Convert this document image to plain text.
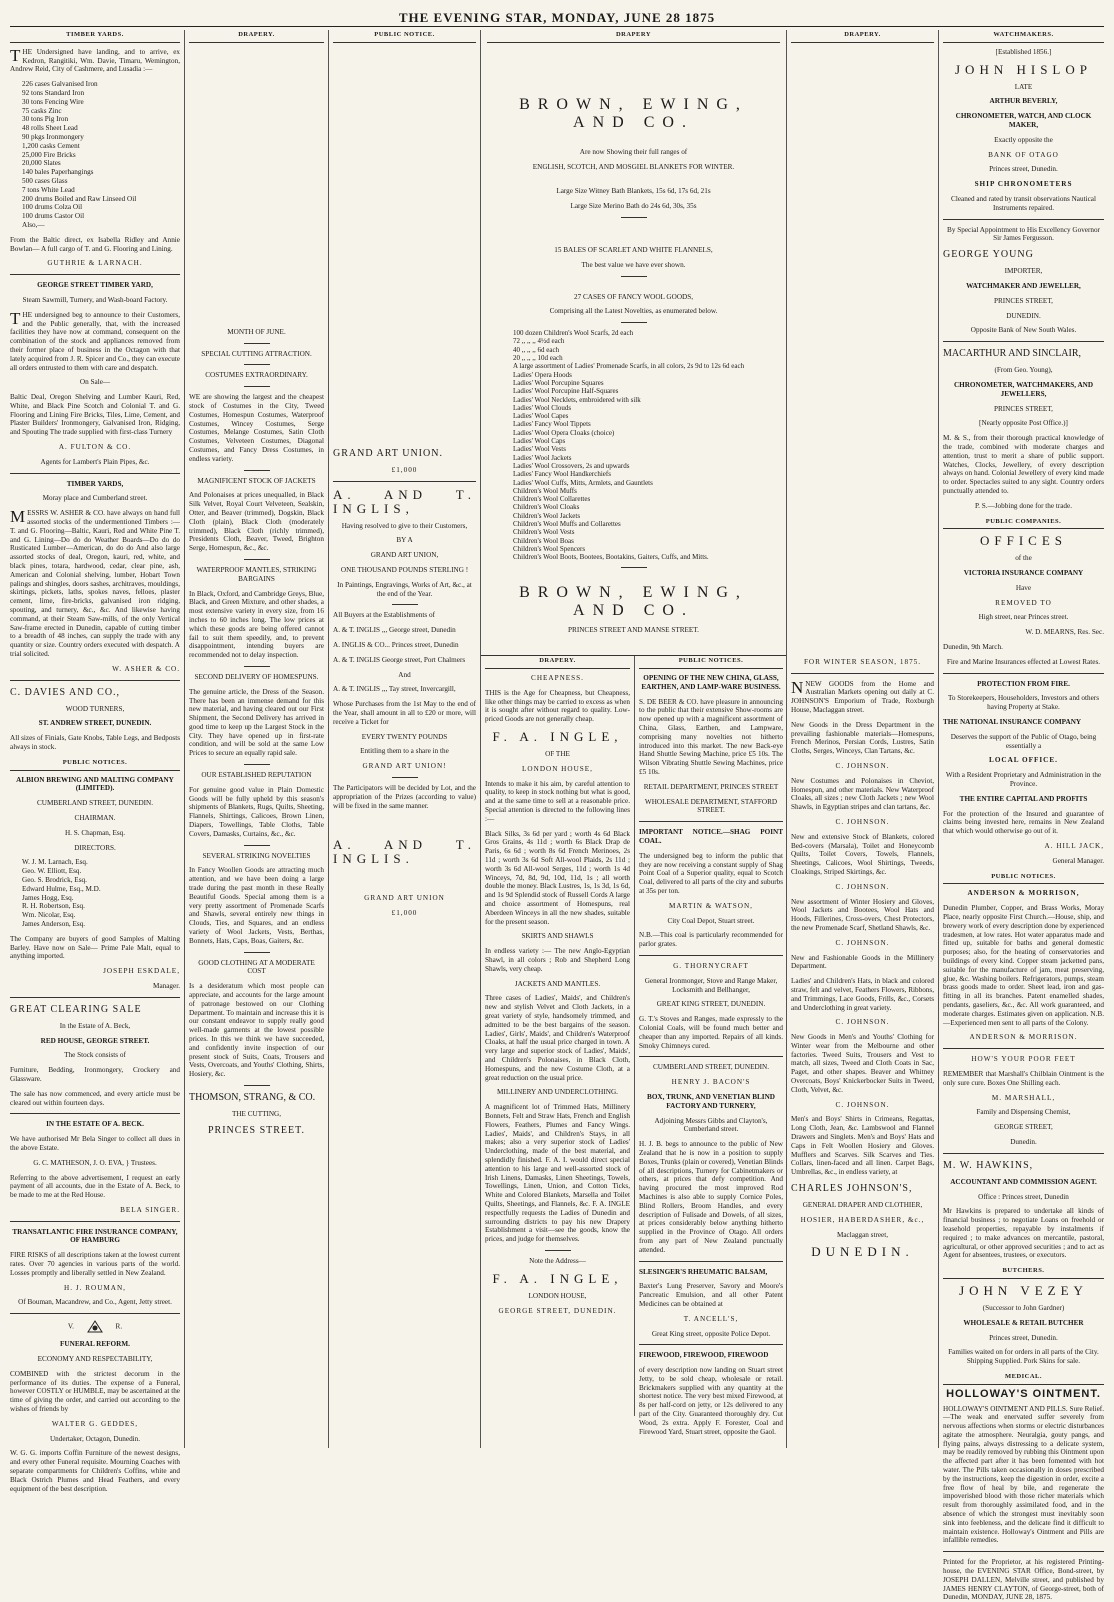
THE EVENING STAR, MONDAY, JUNE 28 1875
TIMBER YARDS.

THE Undersigned have landing, and to arrive, ex Kedron, Rangitiki, Wm. Davie, Timaru, Wemington, Andrew Reid, City of Cashmere, and Lusadia :—

226 cases Galvanised Iron
92 tons Standard Iron
30 tons Fencing Wire
75 casks Zinc
30 tons Pig Iron
48 rolls Sheet Lead
90 pkgs Ironmongery
1,200 casks Cement
25,000 Fire Bricks
20,000 Slates
140 bales Paperhangings
500 cases Glass
7 tons White Lead
200 drums Boiled and Raw Linseed Oil
100 drums Colza Oil
100 drums Castor Oil
Also,—

From the Baltic direct, ex Isabella Ridley and Annie Bowlan— A full cargo of T. and G. Flooring and Lining.

GUTHRIE & LARNACH.

GEORGE STREET TIMBER YARD,

Steam Sawmill, Turnery, and Wash-board Factory.

THE undersigned beg to announce to their Customers, and the Public generally, that, with the increased facilities they have now at command, consequent on the combination of the stock and appliances removed from their former place of business in the Octagon with that lately acquired from J. R. Spicer and Co., they can execute all orders entrusted to them with care and despatch.

On Sale—

Baltic Deal, Oregon Shelving and Lumber Kauri, Red, White, and Black Pine Scotch and Colonial T. and G. Flooring and Lining Fire Bricks, Tiles, Lime, Cement, and Plaster Builders' Ironmongery, Galvanised Iron, Ridging, and Spouting The trade supplied with first-class Turnery

A. FULTON & CO.

Agents for Lambert's Plain Pipes, &c.

TIMBER YARDS,

Moray place and Cumberland street.

MESSRS W. ASHER & CO. have always on hand full assorted stocks of the undermentioned Timbers :— T. and G. Flooring—Baltic, Kauri, Red and White Pine T. and G. Lining—Do do do Weather Boards—Do do do Rusticated Lumber—American, do do do And also large assorted stocks of deal, Oregon, kauri, red, white, and black pines, totara, hardwood, cedar, clear pine, ash, American and Colonial shelving, lumber, Hobart Town palings and shingles, doors sashes, architraves, mouldings, skirtings, pickets, laths, spokes naves, felloes, plaster cement, lime, fire-bricks, galvanised iron ridging, spouting, and turnery, &c., &c. And likewise having command, at their Steam Saw-mills, of the only Vertical Saw-frame erected in Dunedin, capable of cutting timber to a breadth of 48 inches, can supply the trade with any quantity or size. Country orders executed with despatch. A trial solicited.

W. ASHER & CO.

C. DAVIES AND CO.,

WOOD TURNERS,

ST. ANDREW STREET, DUNEDIN.

All sizes of Finials, Gate Knobs, Table Legs, and Bedposts always in stock.

PUBLIC NOTICES.

ALBION BREWING AND MALTING COMPANY (LIMITED).

CUMBERLAND STREET, DUNEDIN.

CHAIRMAN.

H. S. Chapman, Esq.

DIRECTORS.

W. J. M. Larnach, Esq.
Geo. W. Elliott, Esq.
Geo. S. Brodrick, Esq.
Edward Hulme, Esq., M.D.
James Hogg, Esq.
R. H. Robertson, Esq.
Wm. Nicolar, Esq.
James Anderson, Esq.

The Company are buyers of good Samples of Malting Barley. Have now on Sale— Prime Pale Malt, equal to anything imported.

JOSEPH ESKDALE,

Manager.

GREAT CLEARING SALE

In the Estate of A. Beck,

RED HOUSE, GEORGE STREET.

The Stock consists of

Furniture, Bedding, Ironmongery, Crockery and Glassware.

The sale has now commenced, and every article must be cleared out within fourteen days.

IN THE ESTATE OF A. BECK.

We have authorised Mr Bela Singer to collect all dues in the above Estate.

G. C. MATHESON, J. O. EVA, } Trustees.

Referring to the above advertisement, I request an early payment of all accounts, due in the Estate of A. Beck, to be made to me at the Red House.

BELA SINGER.

TRANSATLANTIC FIRE INSURANCE COMPANY, OF HAMBURG

FIRE RISKS of all descriptions taken at the lowest current rates. Over 70 agencies in various parts of the world. Losses promptly and liberally settled in New Zealand.

H. J. ROUMAN,

Of Bouman, Macandrew, and Co., Agent, Jetty street.

V.	R.

FUNERAL REFORM.

ECONOMY AND RESPECTABILITY,

COMBINED with the strictest decorum in the performance of its duties. The expense of a Funeral, however COSTLY or HUMBLE, may be ascertained at the time of giving the order, and carried out according to the wishes of friends by

WALTER G. GEDDES,

Undertaker, Octagon, Dunedin.

W. G. G. imports Coffin Furniture of the newest designs, and every other Funeral requisite. Mourning Coaches with separate compartments for Children's Coffins, white and Black Ostrich Plumes and Head Feathers, and every equipment of the best description.

DRAPERY.

MONTH OF JUNE.

SPECIAL CUTTING ATTRACTION.

COSTUMES EXTRAORDINARY.

WE are showing the largest and the cheapest stock of Costumes in the City, Tweed Costumes, Homespun Costumes, Waterproof Costumes, Wincey Costumes, Serge Costumes, Melange Costumes, Satin Cloth Costumes, Velveteen Costumes, Diagonal Costumes, and Fancy Dress Costumes, in endless variety.

MAGNIFICENT STOCK OF JACKETS

And Polonaises at prices unequalled, in Black Silk Velvet, Royal Court Velveteen, Sealskin, Otter, and Beaver (trimmed), Dogskin, Black Cloth (plain), Black Cloth (moderately trimmed), Black Cloth (richly trimmed), Presidents Cloth, Beaver, Tweed, Brighton Serge, Homespun, &c., &c.

WATERPROOF MANTLES, STRIKING BARGAINS

In Black, Oxford, and Cambridge Greys, Blue, Black, and Green Mixture, and other shades, a most extensive variety in every size, from 16 inches to 60 inches long. The low prices at which these goods are being offered cannot fail to suit them speedily, and, to prevent disappointment, intending buyers are recommended not to delay inspection.

SECOND DELIVERY OF HOMESPUNS.

The genuine article, the Dress of the Season. There has been an immense demand for this new material, and having cleared out our First Shipment, the Second Delivery has arrived in good time to keep up the Largest Stock in the City. They have opened up in first-rate condition, and will be sold at the same Low Prices to secure an equally rapid sale.

OUR ESTABLISHED REPUTATION

For genuine good value in Plain Domestic Goods will be fully upheld by this season's shipments of Blankets, Rugs, Quilts, Sheeting, Flannels, Shirtings, Calicoes, Brown Linen, Diapers, Towellings, Table Cloths, Table Covers, Damasks, Curtains, &c., &c.

SEVERAL STRIKING NOVELTIES

In Fancy Woollen Goods are attracting much attention, and we have been doing a large trade during the past month in these Really Beautiful Goods. Special among them is a very pretty assortment of Promenade Scarfs and Shawls, several entirely new things in Clouds, Ties, and Squares, and an endless variety of Wool Jackets, Vests, Berthas, Bonnets, Hats, Caps, Boas, Gaiters, &c.

GOOD CLOTHING AT A MODERATE COST

Is a desideratum which most people can appreciate, and accounts for the large amount of patronage bestowed on our Clothing Department. To maintain and increase this it is our constant endeavor to supply really good well-made garments at the lowest possible prices. In this we think we have succeeded, and confidently invite inspection of our present stock of Suits, Coats, Trousers and Vests, Overcoats, and Youths' Clothing, Shirts, Hosiery, &c.

THOMSON, STRANG, & CO.

THE CUTTING,

PRINCES STREET.

PUBLIC NOTICE.

GRAND ART UNION.

£1,000

A. AND T. INGLIS,

Having resolved to give to their Customers,

BY A

GRAND ART UNION,

ONE THOUSAND POUNDS STERLING !

In Paintings, Engravings, Works of Art, &c., at the end of the Year.

All Buyers at the Establishments of

A. & T. INGLIS ,,, George street, Dunedin

A. INGLIS & CO... Princes street, Dunedin

A. & T. INGLIS George street, Port Chalmers

And

A. & T. INGLIS ,,, Tay street, Invercargill,

Whose Purchases from the 1st May to the end of the Year, shall amount in all to £20 or more, will receive a Ticket for

EVERY TWENTY POUNDS

Entitling them to a share in the

GRAND ART UNION!

The Participators will be decided by Lot, and the appropriation of the Prizes (according to value) will be fixed in the same manner.

A. AND T. INGLIS.

GRAND ART UNION

£1,000

DRAPERY

BROWN, EWING, AND CO.

Are now Showing their full ranges of

ENGLISH, SCOTCH, AND MOSGIEL BLANKETS FOR WINTER.

Large Size Witney Bath Blankets, 15s 6d, 17s 6d, 21s

Large Size Merino Bath do 24s 6d, 30s, 35s

15 BALES OF SCARLET AND WHITE FLANNELS,

The best value we have ever shown.

27 CASES OF FANCY WOOL GOODS,

Comprising all the Latest Novelties, as enumerated below.

100 dozen Children's Wool Scarfs, 2d each
72 ,, ,, ,, 4½d each
40 ,, ,, ,, 6d each
20 ,, ,, ,, 10d each
A large assortment of Ladies' Promenade Scarfs, in all colors, 2s 9d to 12s 6d each
Ladies' Opera Hoods
Ladies' Wool Porcupine Squares
Ladies' Wool Porcupine Half-Squares
Ladies' Wool Necklets, embroidered with silk
Ladies' Wool Clouds
Ladies' Wool Capes
Ladies' Fancy Wool Tippets
Ladies' Wool Opera Cloaks (choice)
Ladies' Wool Caps
Ladies' Wool Vests
Ladies' Wool Jackets
Ladies' Wool Crossovers, 2s and upwards
Ladies' Fancy Wool Handkerchiefs
Ladies' Wool Cuffs, Mitts, Armlets, and Gauntlets
Children's Wool Muffs
Children's Wool Collarettes
Children's Wool Cloaks
Children's Wool Jackets
Children's Wool Muffs and Collarettes
Children's Wool Vests
Children's Wool Boas
Children's Wool Spencers
Children's Wool Boots, Bootees, Bootakins, Gaiters, Cuffs, and Mitts.

BROWN, EWING, AND CO.

PRINCES STREET AND MANSE STREET.

DRAPERY.

CHEAPNESS.

THIS is the Age for Cheapness, but Cheapness, like other things may be carried to excess as when it is sought after without regard to quality. Low-priced Goods are not generally cheap.

F. A. INGLE,

OF THE

LONDON HOUSE,

Intends to make it his aim, by careful attention to quality, to keep in stock nothing but what is good, and at the same time to sell at a reasonable price. Special attention is directed to the following lines :—

Black Silks, 3s 6d per yard ; worth 4s 6d Black Gros Grains, 4s 11d ; worth 6s Black Drap de Paris, 6s 6d ; worth 8s 6d French Merinoes, 2s 11d ; worth 3s 6d Soft All-wool Plaids, 2s 11d ; worth 3s 6d All-wool Serges, 11d ; worth 1s 4d Winceys, 7d, 8d, 9d, 10d, 11d, 1s ; all worth double the money. Black Lustres, 1s, 1s 3d, 1s 6d, and 1s 9d Splendid stock of Russell Cords A large and choice assortment of Homespuns, real Aberdeen Winceys in all the new shades, suitable for the present season.

SKIRTS AND SHAWLS

In endless variety :— The new Anglo-Egyptian Shawl, in all colors ; Rob and Shepherd Long Shawls, very cheap.

JACKETS AND MANTLES.

Three cases of Ladies', Maids', and Children's new and stylish Velvet and Cloth Jackets, in a great variety of style, handsomely trimmed, and admitted to be the best bargains of the season. Ladies', Girls', Maids', and Children's Waterproof Cloaks, at half the usual price charged in town. A very large and superior stock of Ladies', Maids', and Children's Polonaises, in Black Cloth, Homespuns, and the new Costume Cloth, at a great reduction on the usual price.

MILLINERY AND UNDERCLOTHING.

A magnificent lot of Trimmed Hats, Millinery Bonnets, Felt and Straw Hats, French and English Flowers, Feathers, Plumes and Fancy Wings. Ladies', Maids', and Children's Stays, in all makes; also a very superior stock of Ladies' Underclothing, made of the best material, and splendidly finished. F. A. I. would direct special attention to his large and well-assorted stock of Irish Linens, Damasks, Linen Sheetings, Towels, Towellings, Linen, Union, and Cotton Ticks, White and Colored Blankets, Marsella and Toilet Quilts, Sheetings, and Flannels, &c. F. A. INGLE respectfully requests the Ladies of Dunedin and surrounding districts to pay his new Drapery Establishment a visit—see the goods, know the prices, and judge for themselves.

Note the Address—

F. A. INGLE,

LONDON HOUSE,

GEORGE STREET, DUNEDIN.

PUBLIC NOTICES.

OPENING OF THE NEW CHINA, GLASS, EARTHEN, AND LAMP-WARE BUSINESS.

S. DE BEER & CO. have pleasure in announcing to the public that their extensive Show-rooms are now opened up with a magnificent assortment of China, Glass, Earthen, and Lampware, comprising many novelties not hitherto introduced into this market. The new Back-eye Hand Shuttle Sewing Machine, price £5 10s. The Wilson Vibrating Shuttle Sewing Machines, price £5 10s.

RETAIL DEPARTMENT, PRINCES STREET

WHOLESALE DEPARTMENT, STAFFORD STREET.

IMPORTANT NOTICE.—SHAG POINT COAL.

The undersigned beg to inform the public that they are now receiving a constant supply of Shag Point Coal of a Superior quality, equal to Scotch Coal, delivered to all parts of the city and suburbs at 35s per ton.

MARTIN & WATSON,

City Coal Depot, Stuart street.

N.B.—This coal is particularly recommended for parlor grates.

G. THORNYCRAFT

General Ironmonger, Stove and Range Maker, Locksmith and Bellhanger,

GREAT KING STREET, DUNEDIN.

G. T.'s Stoves and Ranges, made expressly to the Colonial Coals, will be found much better and cheaper than any imported. Repairs of all kinds. Smoky Chimneys cured.

CUMBERLAND STREET, DUNEDIN.

HENRY J. BACON'S

BOX, TRUNK, AND VENETIAN BLIND FACTORY AND TURNERY,

Adjoining Messrs Gibbs and Clayton's, Cumberland street.

H. J. B. begs to announce to the public of New Zealand that he is now in a position to supply Boxes, Trunks (plain or covered), Venetian Blinds of all descriptions, Turnery for Cabinetmakers or others, at prices that defy competition. And having procured the most improved Rod Machines is also able to supply Cornice Poles, Blind Rollers, Broom Handles, and every description of Fulisade and Dowels, of all sizes, at prices considerably below anything hitherto supplied in the Province of Otago. All orders from any part of New Zealand punctually attended.

SLESINGER'S RHEUMATIC BALSAM,

Baxter's Lung Preserver, Savory and Moore's Pancreatic Emulsion, and all other Patent Medicines can be obtained at

T. ANCELL'S,

Great King street, opposite Police Depot.

FIREWOOD, FIREWOOD, FIREWOOD

of every description now landing on Stuart street Jetty, to be sold cheap, wholesale or retail. Brickmakers supplied with any quantity at the shortest notice. The very best mixed Firewood, at 8s per half-cord on jetty, or 12s delivered to any part of the City. Guaranteed thoroughly dry. Cut Wood, 2s extra. Apply F. Forester, Coal and Firewood Yard, Stuart street, opposite the Gaol.

DRAPERY.

FOR WINTER SEASON, 1875.

NNEW GOODS from the Home and Australian Markets opening out daily at C. JOHNSON'S Emporium of Trade, Roxburgh House, Maclaggan street.

New Goods in the Dress Department in the prevailing fashionable materials—Homespuns, French Merinos, Persian Cords, Lustres, Satin Cloths, Serges, Winceys, Clan Tartans, &c.

C. JOHNSON.

New Costumes and Polonaises in Cheviot, Homespun, and other materials. New Waterproof Cloaks, all sizes ; new Cloth Jackets ; new Wool Shawls, in Egyptian stripes and clan tartans, &c.

C. JOHNSON.

New and extensive Stock of Blankets, colored Bed-covers (Marsala), Toilet and Honeycomb Quilts, Toilet Covers, Towels, Flannels, Sheetings, Calicoes, Wool Shirtings, Tweeds, Cloakings, Striped Skirtings, &c.

C. JOHNSON.

New assortment of Winter Hosiery and Gloves, Wool Jackets and Bootees, Wool Hats and Hoods, Fillerines, Cross-overs, Chest Protectors, the new Promenade Scarf, Shetland Shawls, &c.

C. JOHNSON.

New and Fashionable Goods in the Millinery Department.

Ladies' and Children's Hats, in black and colored straw, felt and velvet, Feathers Flowers, Ribbons, and Trimmings, Lace Goods, Frills, &c., Corsets and Underclothing in great variety.

C. JOHNSON.

New Goods in Men's and Youths' Clothing for Winter wear from the Melbourne and other factories. Tweed Suits, Trousers and Vest to match, all sizes, Tweed and Cloth Coats in Sac, Paget, and other shapes. Beaver and Whitney Overcoats, Boys' Knickerbocker Suits in Tweed, Cloth, Velvet, &c.

C. JOHNSON.

Men's and Boys' Shirts in Crimeans, Regattas, Long Cloth, Jean, &c. Lambswool and Flannel Drawers and Singlets. Men's and Boys' Hats and Caps in Felt Woollen Hosiery and Gloves. Mufflers and Scarves. Silk Scarves and Ties. Collars, linen-faced and all linen. Carpet Bags, Umbrellas, &c., in endless variety, at

CHARLES JOHNSON'S,

GENERAL DRAPER AND CLOTHIER,

HOSIER, HABERDASHER, &c.,

Maclaggan street,

DUNEDIN.

WATCHMAKERS.

[Established 1856.]

JOHN HISLOP

LATE

ARTHUR BEVERLY,

CHRONOMETER, WATCH, AND CLOCK MAKER,

Exactly opposite the

BANK OF OTAGO

Princes street, Dunedin.

SHIP CHRONOMETERS

Cleaned and rated by transit observations Nautical Instruments repaired.

By Special Appointment to His Excellency Governor Sir James Fergusson.

GEORGE YOUNG

IMPORTER,

WATCHMAKER AND JEWELLER,

PRINCES STREET,

DUNEDIN.

Opposite Bank of New South Wales.

MACARTHUR AND SINCLAIR,

(From Geo. Young),

CHRONOMETER, WATCHMAKERS, AND JEWELLERS,

PRINCES STREET,

[Nearly opposite Post Office.)]

M. & S., from their thorough practical knowledge of the trade, combined with moderate charges and attention, trust to merit a share of public support. Watches, Clocks, Jewellery, of every description always on hand. Colonial Jewellery of every kind made to order. Spectacles suited to any sight. Country orders punctually attended to.

P. S.—Jobbing done for the trade.

PUBLIC COMPANIES.

OFFICES

of the

VICTORIA INSURANCE COMPANY

Have

REMOVED TO

High street, near Princes street.

W. D. MEARNS, Res. Sec.

Dunedin, 9th March.

Fire and Marine Insurances effected at Lowest Rates.

PROTECTION FROM FIRE.

To Storekeepers, Householders, Investors and others having Property at Stake.

THE NATIONAL INSURANCE COMPANY

Deserves the support of the Public of Otago, being essentially a

LOCAL OFFICE.

With a Resident Proprietary and Administration in the Province.

THE ENTIRE CAPITAL AND PROFITS

For the protection of the Insured and guarantee of claims being invested here, remains in New Zealand that which would otherwise go out of it.

A. HILL JACK,

General Manager.

PUBLIC NOTICES.

ANDERSON & MORRISON,

Dunedin Plumber, Copper, and Brass Works, Moray Place, nearly opposite First Church.—House, ship, and brewery work of every description done by experienced tradesmen, at low rates. Hot water apparatus made and fitted up, suitable for baths and general domestic purposes; also, for the heating of conservatories and buildings of every kind. Copper steam jacketted pans, suitable for the manufacture of jam, meat preserving, glue, &c. Washing boilers. Refrigerators, pumps, steam brass goods made to order. Sheet lead, iron and gas-fitting in all its branches. Patent enamelled shades, pendants, gaseliers, &c., &c. All work guaranteed, and moderate charges. Estimates given on application. N.B.—Experienced men sent to all parts of the Colony.

ANDERSON & MORRISON.

HOW'S YOUR POOR FEET

REMEMBER that Marshall's Chilblain Ointment is the only sure cure. Boxes One Shilling each.

M. MARSHALL,

Family and Dispensing Chemist,

GEORGE STREET,

Dunedin.

M. W. HAWKINS,

ACCOUNTANT AND COMMISSION AGENT.

Office : Princes street, Dunedin

Mr Hawkins is prepared to undertake all kinds of financial business ; to negotiate Loans on freehold or leasehold properties, repayable by instalments if required ; to make advances on mercantile, pastoral, agricultural, or other approved securities ; and to act as Agent for absentees, trustees, or executors.

BUTCHERS.

JOHN VEZEY

(Successor to John Gardner)

WHOLESALE & RETAIL BUTCHER

Princes street, Dunedin.

Families waited on for orders in all parts of the City. Shipping Supplied. Pork Skins for sale.

MEDICAL.

HOLLOWAY'S OINTMENT.

HOLLOWAY'S OINTMENT AND PILLS. Sure Relief.—The weak and enervated suffer severely from nervous affections when storms or electric disturbances agitate the atmosphere. Neuralgia, gouty pangs, and flying pains, always distressing to a delicate system, may be readily removed by rubbing this Ointment upon the affected part after it has been fomented with hot water. The Pills taken occasionally in doses prescribed by the instructions, keep the digestion in order, excite a free flow of heal by bile, and regenerate the impoverished blood with those richer materials which result from thoroughly assimilated food, and in the absence of which the strongest must inevitably soon sink into feebleness, and the delicate find it difficult to maintain existence. Holloway's Ointment and Pills are infallible remedies.

Printed for the Proprietor, at his registered Printing-house, the EVENING STAR Office, Bond-street, by JOSEPH DALLEN, Melville street, and published by JAMES HENRY CLAYTON, of George-street, both of Dunedin, MONDAY, JUNE 28, 1875.
